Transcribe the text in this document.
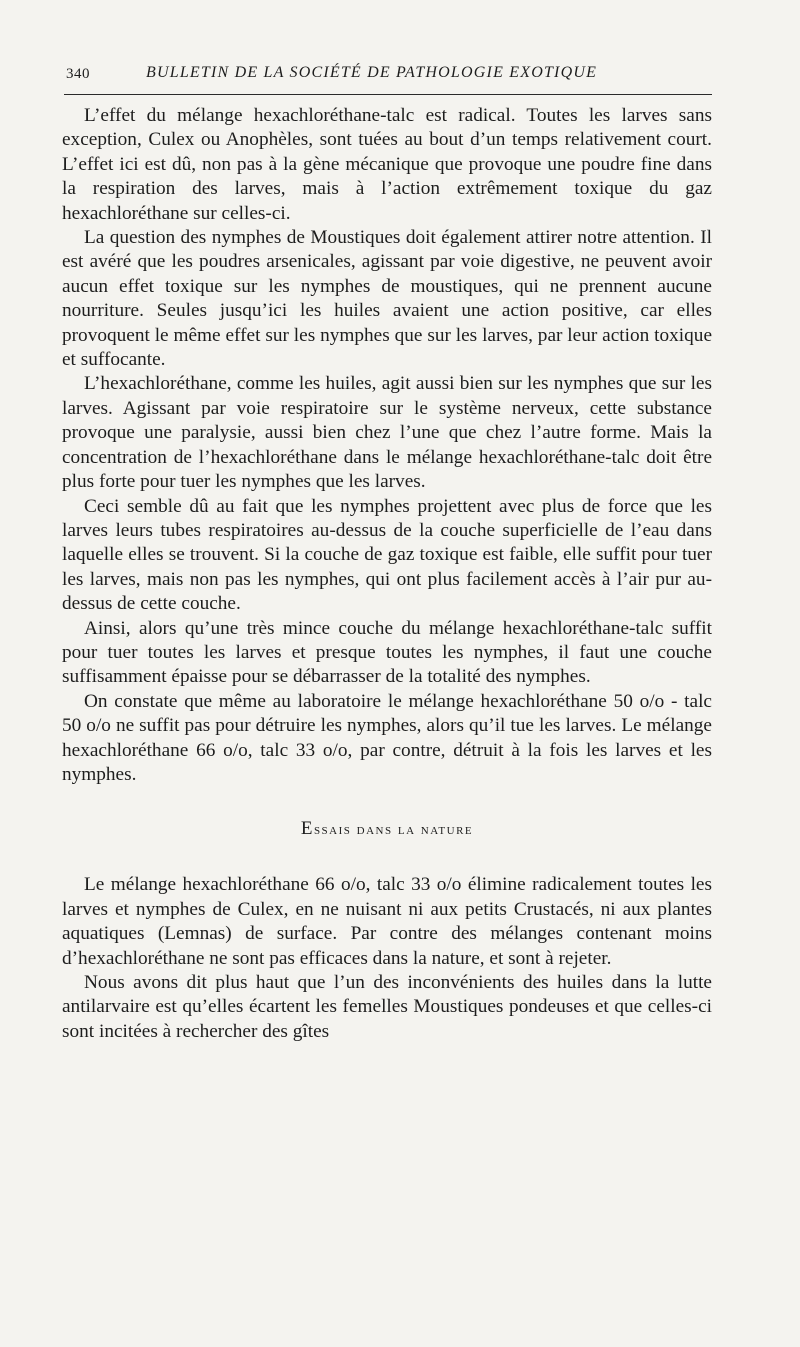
340	BULLETIN DE LA SOCIÉTÉ DE PATHOLOGIE EXOTIQUE

L’effet du mélange hexachloréthane-talc est radical. Toutes les larves sans exception, Culex ou Anophèles, sont tuées au bout d’un temps relativement court. L’effet ici est dû, non pas à la gène mécanique que provoque une poudre fine dans la respiration des larves, mais à l’action extrêmement toxique du gaz hexachloréthane sur celles-ci.

La question des nymphes de Moustiques doit également attirer notre attention. Il est avéré que les poudres arsenicales, agissant par voie digestive, ne peuvent avoir aucun effet toxique sur les nymphes de moustiques, qui ne prennent aucune nourriture. Seules jusqu’ici les huiles avaient une action positive, car elles provoquent le même effet sur les nymphes que sur les larves, par leur action toxique et suffocante.

L’hexachloréthane, comme les huiles, agit aussi bien sur les nymphes que sur les larves. Agissant par voie respiratoire sur le système nerveux, cette substance provoque une paralysie, aussi bien chez l’une que chez l’autre forme. Mais la concentration de l’hexachloréthane dans le mélange hexachloréthane-talc doit être plus forte pour tuer les nymphes que les larves.

Ceci semble dû au fait que les nymphes projettent avec plus de force que les larves leurs tubes respiratoires au-dessus de la couche superficielle de l’eau dans laquelle elles se trouvent. Si la couche de gaz toxique est faible, elle suffit pour tuer les larves, mais non pas les nymphes, qui ont plus facilement accès à l’air pur au-dessus de cette couche.

Ainsi, alors qu’une très mince couche du mélange hexachloréthane-talc suffit pour tuer toutes les larves et presque toutes les nymphes, il faut une couche suffisamment épaisse pour se débarrasser de la totalité des nymphes.

On constate que même au laboratoire le mélange hexachloréthane 50 o/o - talc 50 o/o ne suffit pas pour détruire les nymphes, alors qu’il tue les larves. Le mélange hexachloréthane 66 o/o, talc 33 o/o, par contre, détruit à la fois les larves et les nymphes.

Essais dans la nature

Le mélange hexachloréthane 66 o/o, talc 33 o/o élimine radicalement toutes les larves et nymphes de Culex, en ne nuisant ni aux petits Crustacés, ni aux plantes aquatiques (Lemnas) de surface. Par contre des mélanges contenant moins d’hexachloréthane ne sont pas efficaces dans la nature, et sont à rejeter.

Nous avons dit plus haut que l’un des inconvénients des huiles dans la lutte antilarvaire est qu’elles écartent les femelles Moustiques pondeuses et que celles-ci sont incitées à rechercher des gîtes
